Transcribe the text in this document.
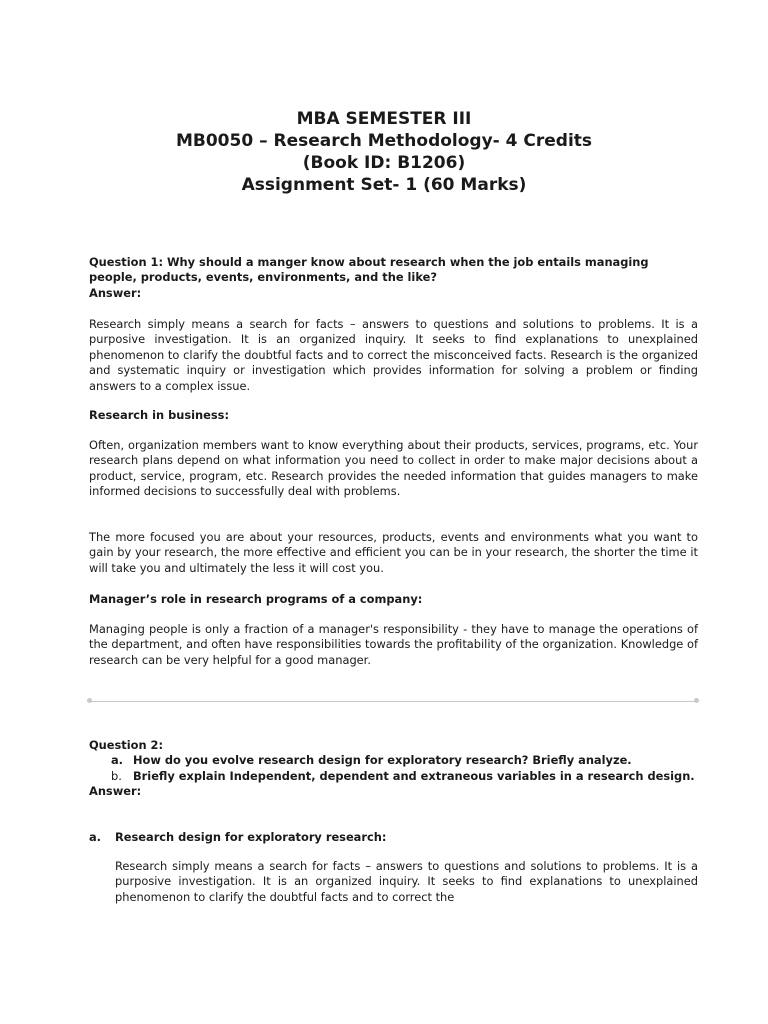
MBA SEMESTER III
MB0050 – Research Methodology- 4 Credits
(Book ID: B1206)
Assignment Set- 1 (60 Marks)

Question 1: Why should a manger know about research when the job entails managing people, products, events, environments, and the like?

Answer:

Research simply means a search for facts – answers to questions and solutions to problems. It is a purposive investigation. It is an organized inquiry. It seeks to find explanations to unexplained phenomenon to clarify the doubtful facts and to correct the misconceived facts. Research is the organized and systematic inquiry or investigation which provides information for solving a problem or finding answers to a complex issue.

Research in business:

Often, organization members want to know everything about their products, services, programs, etc. Your research plans depend on what information you need to collect in order to make major decisions about a product, service, program, etc. Research provides the needed information that guides managers to make informed decisions to successfully deal with problems.

The more focused you are about your resources, products, events and environments what you want to gain by your research, the more effective and efficient you can be in your research, the shorter the time it will take you and ultimately the less it will cost you.

Manager’s role in research programs of a company:

Managing people is only a fraction of a manager's responsibility - they have to manage the operations of the department, and often have responsibilities towards the profitability of the organization. Knowledge of research can be very helpful for a good manager.

Question 2:

a. How do you evolve research design for exploratory research? Briefly analyze.
b. Briefly explain Independent, dependent and extraneous variables in a research design.

Answer:

a. Research design for exploratory research:

Research simply means a search for facts – answers to questions and solutions to problems. It is a purposive investigation. It is an organized inquiry. It seeks to find explanations to unexplained phenomenon to clarify the doubtful facts and to correct the
